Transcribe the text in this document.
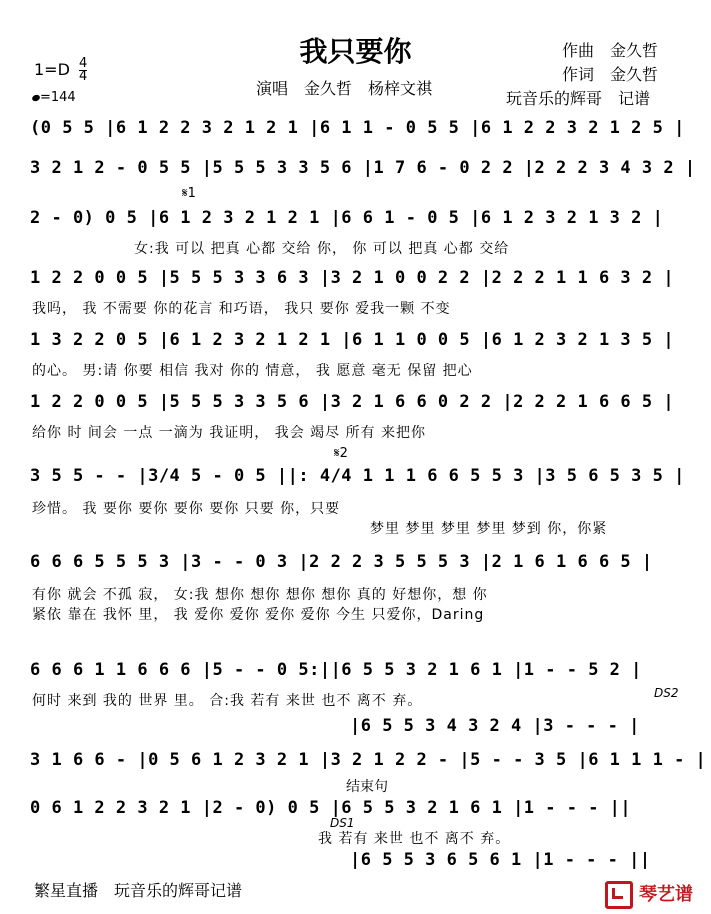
我只要你	作曲　金久哲
作词　金久哲
演唱　金久哲　杨梓文祺
玩音乐的辉哥　记谱
$1=D \frac{4}{4}$
=144
(0 5 5 |6 1 2 2 3 2 1 2 1 |6 1 1 - 0 5 5 |6 1 2 2 3 2 1 2 5 |
3 2 1 2 - 0 5 5 |5 5 5 3 3 5 6 |1 7 6 - 0 2 2 |2 2 2 3 4 3 2 |
𝄋1
2 - 0) 0 5 |6 1 2 3 2 1 2 1 |6 6 1 - 0 5 |6 1 2 3 2 1 3 2 |
女:我 可以 把真 心都 交给 你， 你 可以 把真 心都 交给
1 2 2 0 0 5 |5 5 5 3 3 6 3 |3 2 1 0 0 2 2 |2 2 2 1 1 6 3 2 |
我吗， 我 不需要 你的花言 和巧语， 我只 要你 爱我一颗 不变
1 3 2 2 0 5 |6 1 2 3 2 1 2 1 |6 1 1 0 0 5 |6 1 2 3 2 1 3 5 |
的心。 男:请 你要 相信 我对 你的 情意， 我 愿意 毫无 保留 把心
1 2 2 0 0 5 |5 5 5 3 3 5 6 |3 2 1 6 6 0 2 2 |2 2 2 1 6 6 5 |
给你 时 间会 一点 一滴为 我证明， 我会 竭尽 所有 来把你
𝄋2
3 5 5 - - |3/4 5 - 0 5 ||: 4/4 1 1 1 6 6 5 5 3 |3 5 6 5 3 5 |
珍惜。 我 要你 要你 要你 要你 只要 你，只要
梦里 梦里 梦里 梦里 梦到 你，你紧
6 6 6 5 5 5 3 |3 - - 0 3 |2 2 2 3 5 5 5 3 |2 1 6 1 6 6 5 |
有你 就会 不孤 寂， 女:我 想你 想你 想你 想你 真的 好想你，想 你
紧依 靠在 我怀 里， 我 爱你 爱你 爱你 爱你 今生 只爱你，Daring
6 6 6 1 1 6 6 6 |5 - - 0 5:||6 5 5 3 2 1 6 1 |1 - - 5 2 |
何时 来到 我的 世界 里。 合:我 若有 来世 也不 离不 弃。	DS2
|6 5 5 3 4 3 2 4 |3 - - - |
3 1 6 6 - |0 5 6 1 2 3 2 1 |3 2 1 2 2 - |5 - - 3 5 |6 1 1 1 - |
结束句
0 6 1 2 2 3 2 1 |2 - 0) 0 5 |6 5 5 3 2 1 6 1 |1 - - - ||
DS1
我 若有 来世 也不 离不 弃。
|6 5 5 3 6 5 6 1 |1 - - - ||
繁星直播　玩音乐的辉哥记谱	琴艺谱
